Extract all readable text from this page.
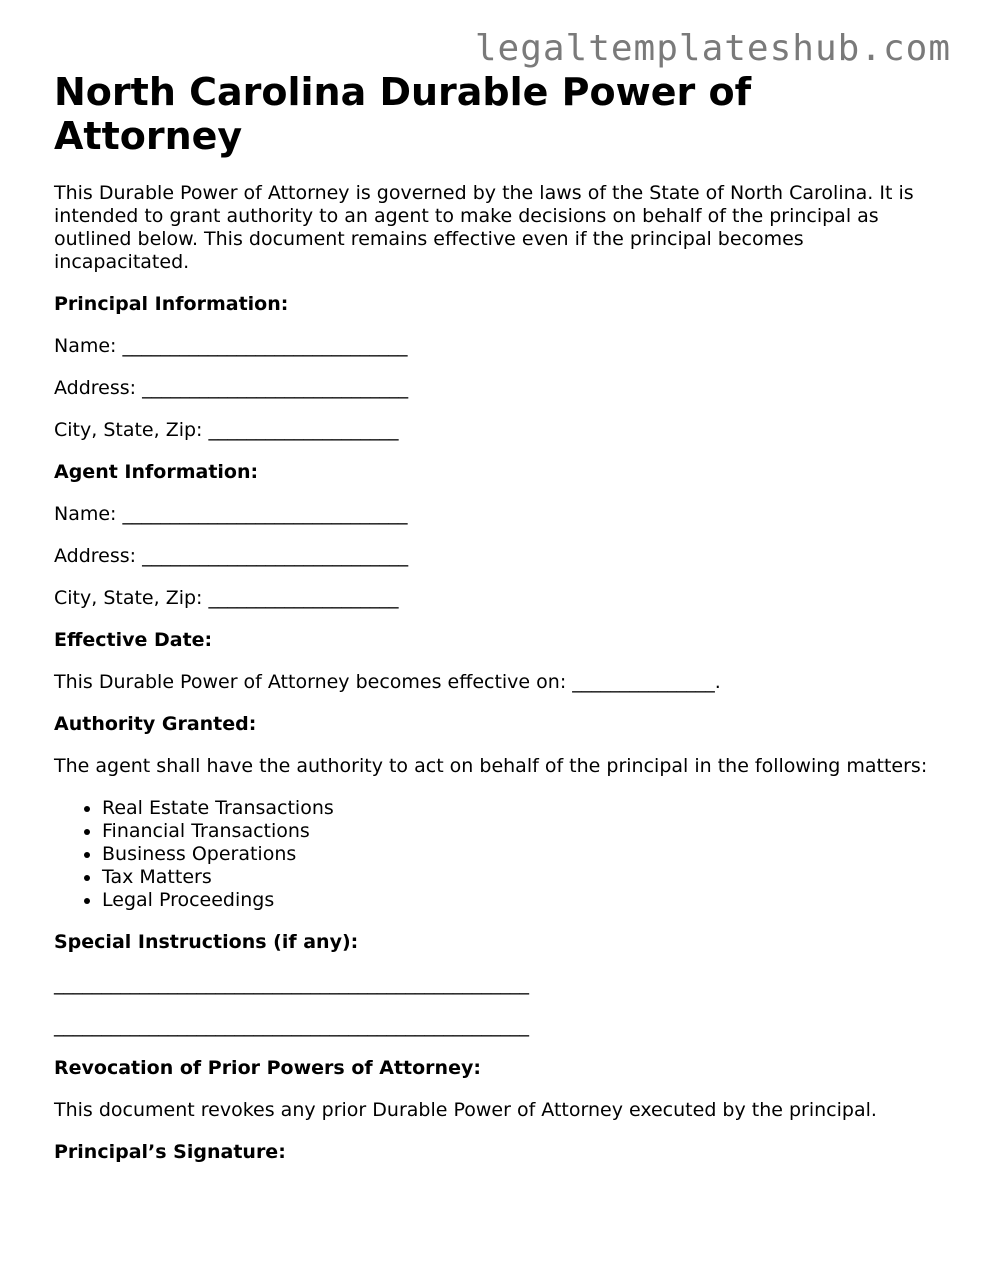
legaltemplateshub.com
North Carolina Durable Power of Attorney

This Durable Power of Attorney is governed by the laws of the State of North Carolina. It is intended to grant authority to an agent to make decisions on behalf of the principal as outlined below. This document remains effective even if the principal becomes incapacitated.

Principal Information:
Name: ______________________________
Address: ____________________________
City, State, Zip: ____________________
Agent Information:
Name: ______________________________
Address: ____________________________
City, State, Zip: ____________________
Effective Date:
This Durable Power of Attorney becomes effective on: _______________.
Authority Granted:

The agent shall have the authority to act on behalf of the principal in the following matters:

• Real Estate Transactions
• Financial Transactions
• Business Operations
• Tax Matters
• Legal Proceedings
Special Instructions (if any):
__________________________________________________
__________________________________________________
Revocation of Prior Powers of Attorney:

This document revokes any prior Durable Power of Attorney executed by the principal.

Principal’s Signature:
